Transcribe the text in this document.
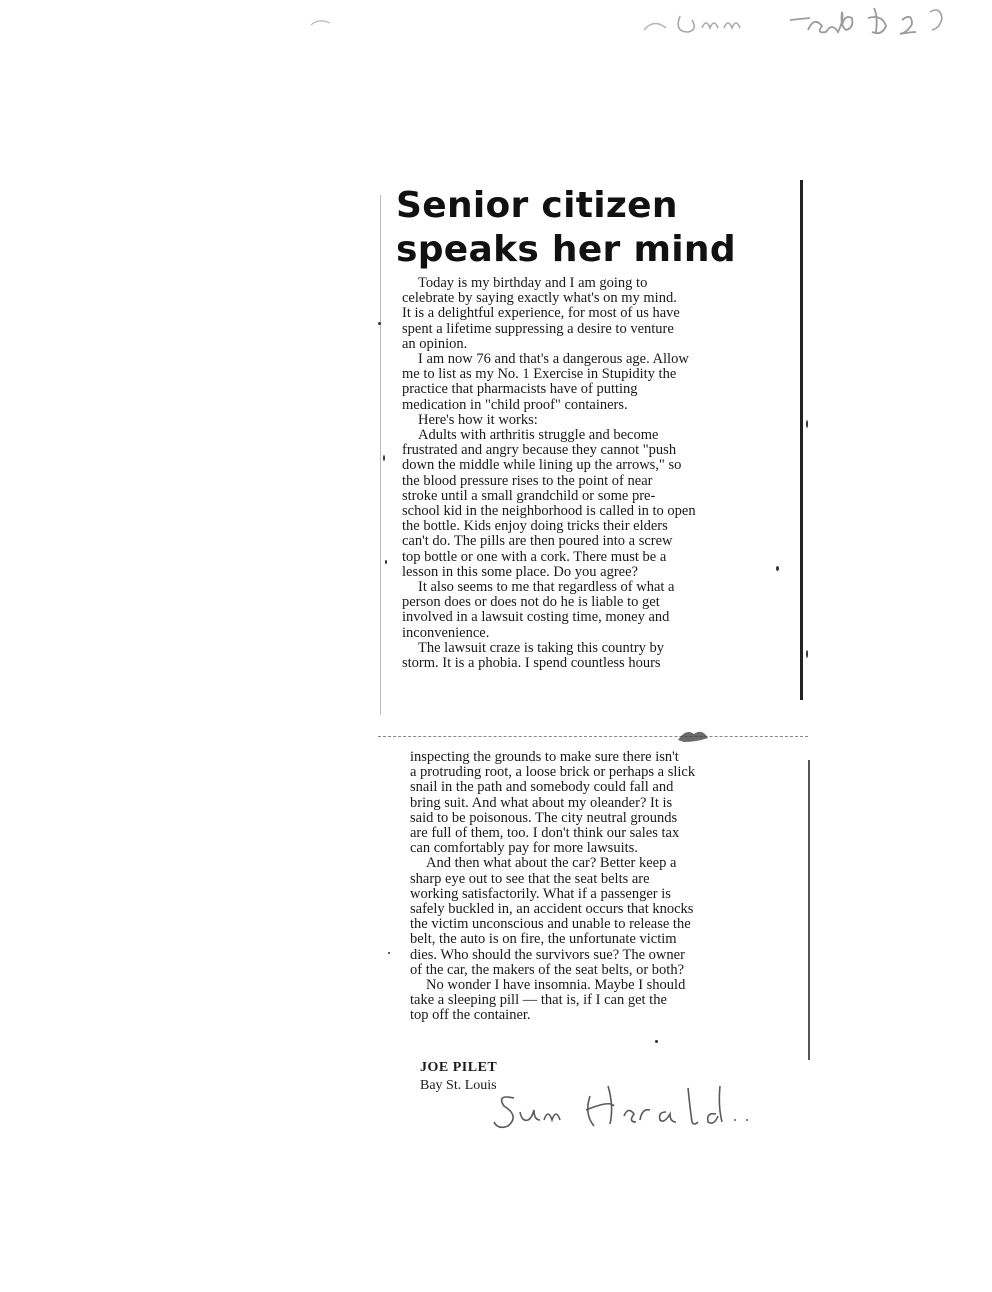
Senior citizen
speaks her mind

Today is my birthday and I am going to
celebrate by saying exactly what's on my mind.
It is a delightful experience, for most of us have
spent a lifetime suppressing a desire to venture
an opinion.

I am now 76 and that's a dangerous age. Allow
me to list as my No. 1 Exercise in Stupidity the
practice that pharmacists have of putting
medication in "child proof" containers.

Here's how it works:

Adults with arthritis struggle and become
frustrated and angry because they cannot "push
down the middle while lining up the arrows," so
the blood pressure rises to the point of near
stroke until a small grandchild or some pre-
school kid in the neighborhood is called in to open
the bottle. Kids enjoy doing tricks their elders
can't do. The pills are then poured into a screw
top bottle or one with a cork. There must be a
lesson in this some place. Do you agree?

It also seems to me that regardless of what a
person does or does not do he is liable to get
involved in a lawsuit costing time, money and
inconvenience.

The lawsuit craze is taking this country by
storm. It is a phobia. I spend countless hours

inspecting the grounds to make sure there isn't
a protruding root, a loose brick or perhaps a slick
snail in the path and somebody could fall and
bring suit. And what about my oleander? It is
said to be poisonous. The city neutral grounds
are full of them, too. I don't think our sales tax
can comfortably pay for more lawsuits.

And then what about the car? Better keep a
sharp eye out to see that the seat belts are
working satisfactorily. What if a passenger is
safely buckled in, an accident occurs that knocks
the victim unconscious and unable to release the
belt, the auto is on fire, the unfortunate victim
dies. Who should the survivors sue? The owner
of the car, the makers of the seat belts, or both?

No wonder I have insomnia. Maybe I should
take a sleeping pill — that is, if I can get the
top off the container.

JOE PILET
Bay St. Louis
